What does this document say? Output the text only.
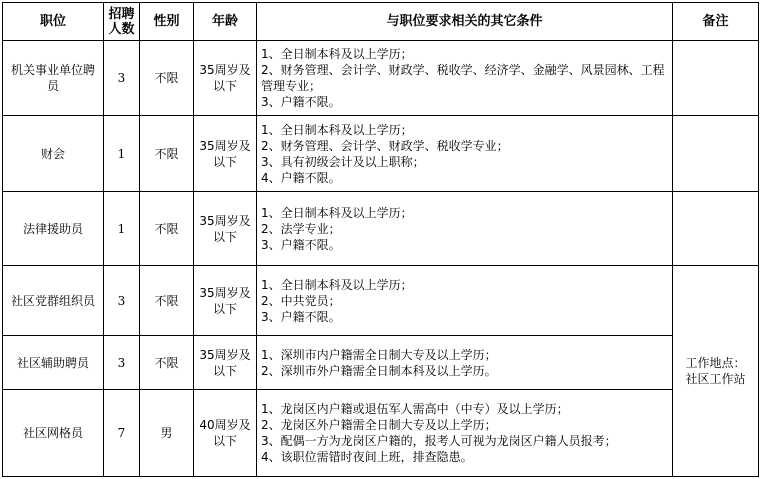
职位	招聘人数	性别	年龄	与职位要求相关的其它条件	备注
机关事业单位聘员	3	不限	35周岁及以下	1、全日制本科及以上学历；
2、财务管理、会计学、财政学、税收学、经济学、金融学、风景园林、工程管理专业；
3、户籍不限。	

财会	1	不限	35周岁及以下	1、全日制本科及以上学历；
2、财务管理、会计学、财政学、税收学专业；
3、具有初级会计及以上职称；
4、户籍不限。	

法律援助员	1	不限	35周岁及以下	1、全日制本科及以上学历；
2、法学专业；
3、户籍不限。	

社区党群组织员	3	不限	35周岁及以下	1、全日制本科及以上学历；
2、中共党员；
3、户籍不限。	工作地点：社区工作站
社区辅助聘员	3	不限	35周岁及以下	1、深圳市内户籍需全日制大专及以上学历；
2、深圳市外户籍需全日制本科及以上学历。	

社区网格员	7	男	40周岁及以下	1、龙岗区内户籍或退伍军人需高中（中专）及以上学历；
2、龙岗区外户籍需全日制大专及以上学历；
3、配偶一方为龙岗区户籍的，报考人可视为龙岗区户籍人员报考；
4、该职位需错时夜间上班，排查隐患。	
